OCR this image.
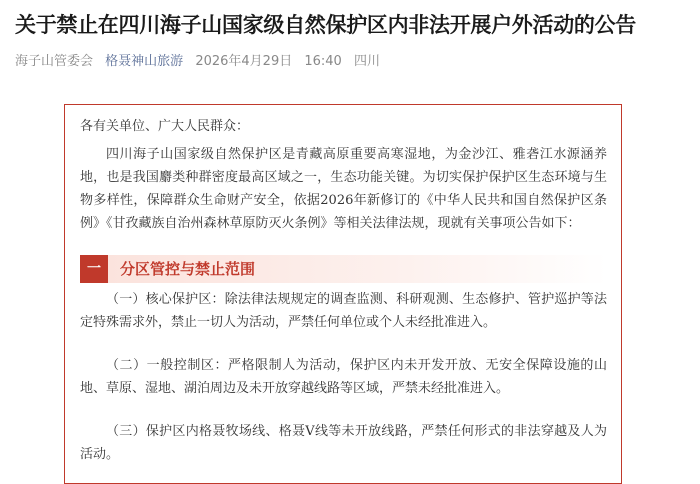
关于禁止在四川海子山国家级自然保护区内非法开展户外活动的公告
海子山管委会 格聂神山旅游 2026年4月29日 16:40 四川
各有关单位、广大人民群众：
四川海子山国家级自然保护区是青藏高原重要高寒湿地，为金沙江、雅砻江水源涵养地，也是我国麝类种群密度最高区域之一，生态功能关键。为切实保护保护区生态环境与生物多样性，保障群众生命财产安全，依据2026年新修订的《中华人民共和国自然保护区条例》《甘孜藏族自治州森林草原防灭火条例》等相关法律法规，现就有关事项公告如下：
一	分区管控与禁止范围
（一）核心保护区：除法律法规规定的调查监测、科研观测、生态修护、管护巡护等法定特殊需求外，禁止一切人为活动，严禁任何单位或个人未经批准进入。
（二）一般控制区：严格限制人为活动，保护区内未开发开放、无安全保障设施的山地、草原、湿地、湖泊周边及未开放穿越线路等区域，严禁未经批准进入。
（三）保护区内格聂牧场线、格聂V线等未开放线路，严禁任何形式的非法穿越及人为活动。
